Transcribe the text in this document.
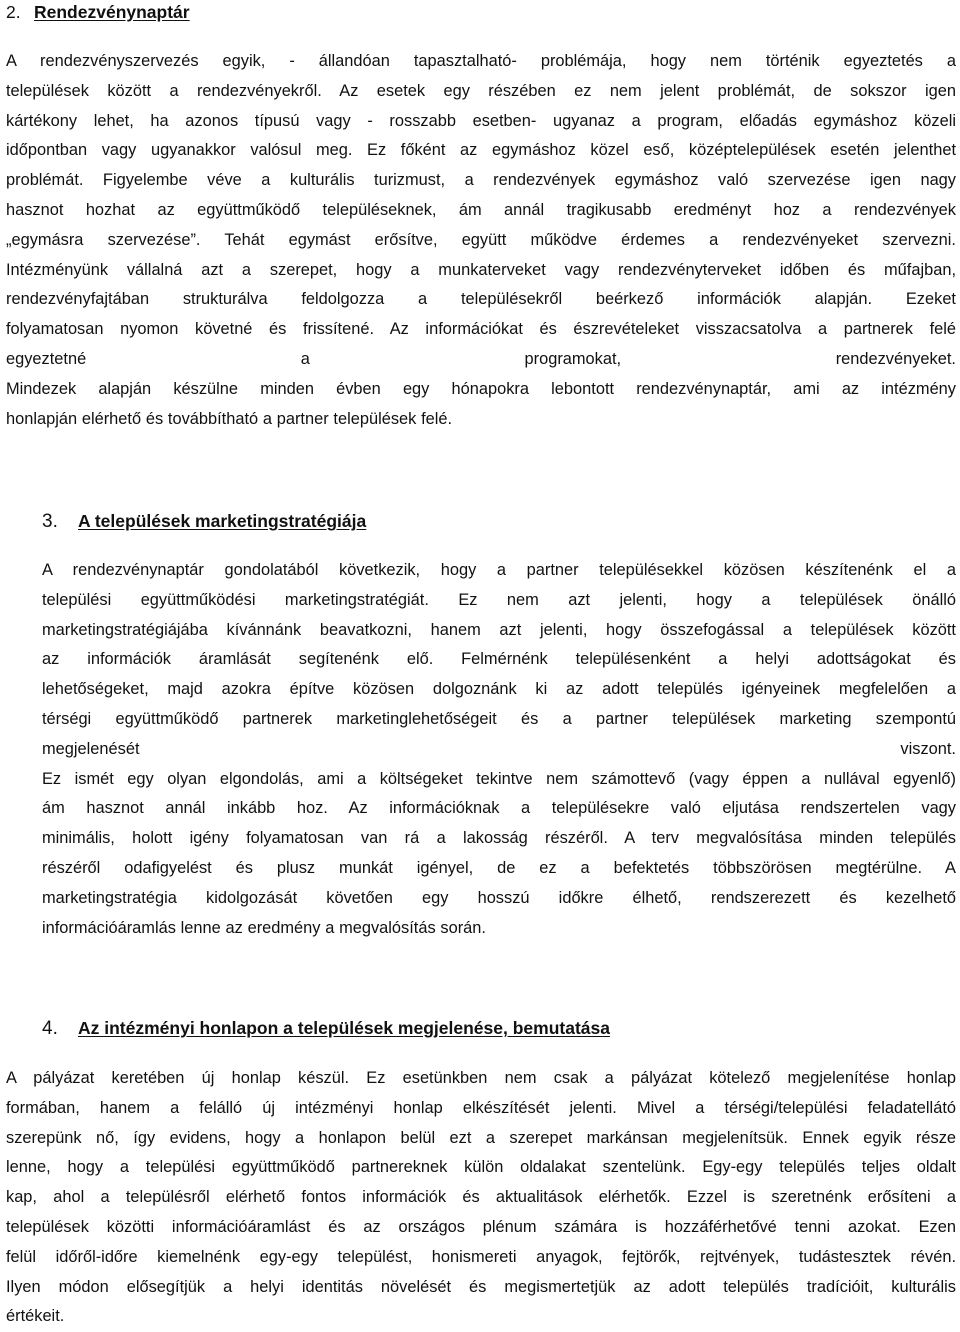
2. Rendezvénynaptár
A rendezvényszervezés egyik, - állandóan tapasztalható- problémája, hogy nem történik egyeztetés a
települések között a rendezvényekről. Az esetek egy részében ez nem jelent problémát, de sokszor igen
kártékony lehet, ha azonos típusú vagy - rosszabb esetben- ugyanaz a program, előadás egymáshoz közeli
időpontban vagy ugyanakkor valósul meg. Ez főként az egymáshoz közel eső, középtelepülések esetén jelenthet
problémát. Figyelembe véve a kulturális turizmust, a rendezvények egymáshoz való szervezése igen nagy
hasznot hozhat az együttműködő településeknek, ám annál tragikusabb eredményt hoz a rendezvények
„egymásra szervezése”. Tehát egymást erősítve, együtt működve érdemes a rendezvényeket szervezni.
Intézményünk vállalná azt a szerepet, hogy a munkaterveket vagy rendezvényterveket időben és műfajban,
rendezvényfajtában strukturálva feldolgozza a településekről beérkező információk alapján. Ezeket
folyamatosan nyomon követné és frissítené. Az információkat és észrevételeket visszacsatolva a partnerek felé
egyeztetné	a	programokat,	rendezvényeket.
Mindezek alapján készülne minden évben egy hónapokra lebontott rendezvénynaptár, ami az intézmény
honlapján elérhető és továbbítható a partner települések felé.
3. A települések marketingstratégiája
A rendezvénynaptár gondolatából következik, hogy a partner településekkel közösen készítenénk el a
települési együttműködési marketingstratégiát. Ez nem azt jelenti, hogy a települések önálló
marketingstratégiájába kívánnánk beavatkozni, hanem azt jelenti, hogy összefogással a települések között
az információk áramlását segítenénk elő. Felmérnénk településenként a helyi adottságokat és
lehetőségeket, majd azokra építve közösen dolgoznánk ki az adott település igényeinek megfelelően a
térségi együttműködő partnerek marketinglehetőségeit és a partner települések marketing szempontú
megjelenését	viszont.
Ez ismét egy olyan elgondolás, ami a költségeket tekintve nem számottevő (vagy éppen a nullával egyenlő)
ám hasznot annál inkább hoz. Az információknak a településekre való eljutása rendszertelen vagy
minimális, holott igény folyamatosan van rá a lakosság részéről. A terv megvalósítása minden település
részéről odafigyelést és plusz munkát igényel, de ez a befektetés többszörösen megtérülne. A
marketingstratégia kidolgozását követően egy hosszú időkre élhető, rendszerezett és kezelhető
információáramlás lenne az eredmény a megvalósítás során.
4. Az intézményi honlapon a települések megjelenése, bemutatása
A pályázat keretében új honlap készül. Ez esetünkben nem csak a pályázat kötelező megjelenítése honlap
formában, hanem a felálló új intézményi honlap elkészítését jelenti. Mivel a térségi/települési feladatellátó
szerepünk nő, így evidens, hogy a honlapon belül ezt a szerepet markánsan megjelenítsük. Ennek egyik része
lenne, hogy a települési együttműködő partnereknek külön oldalakat szentelünk. Egy-egy település teljes oldalt
kap, ahol a településről elérhető fontos információk és aktualitások elérhetők. Ezzel is szeretnénk erősíteni a
települések közötti információáramlást és az országos plénum számára is hozzáférhetővé tenni azokat. Ezen
felül időről-időre kiemelnénk egy-egy települést, honismereti anyagok, fejtörők, rejtvények, tudástesztek révén.
Ilyen módon elősegítjük a helyi identitás növelését és megismertetjük az adott település tradícióit, kulturális
értékeit.
